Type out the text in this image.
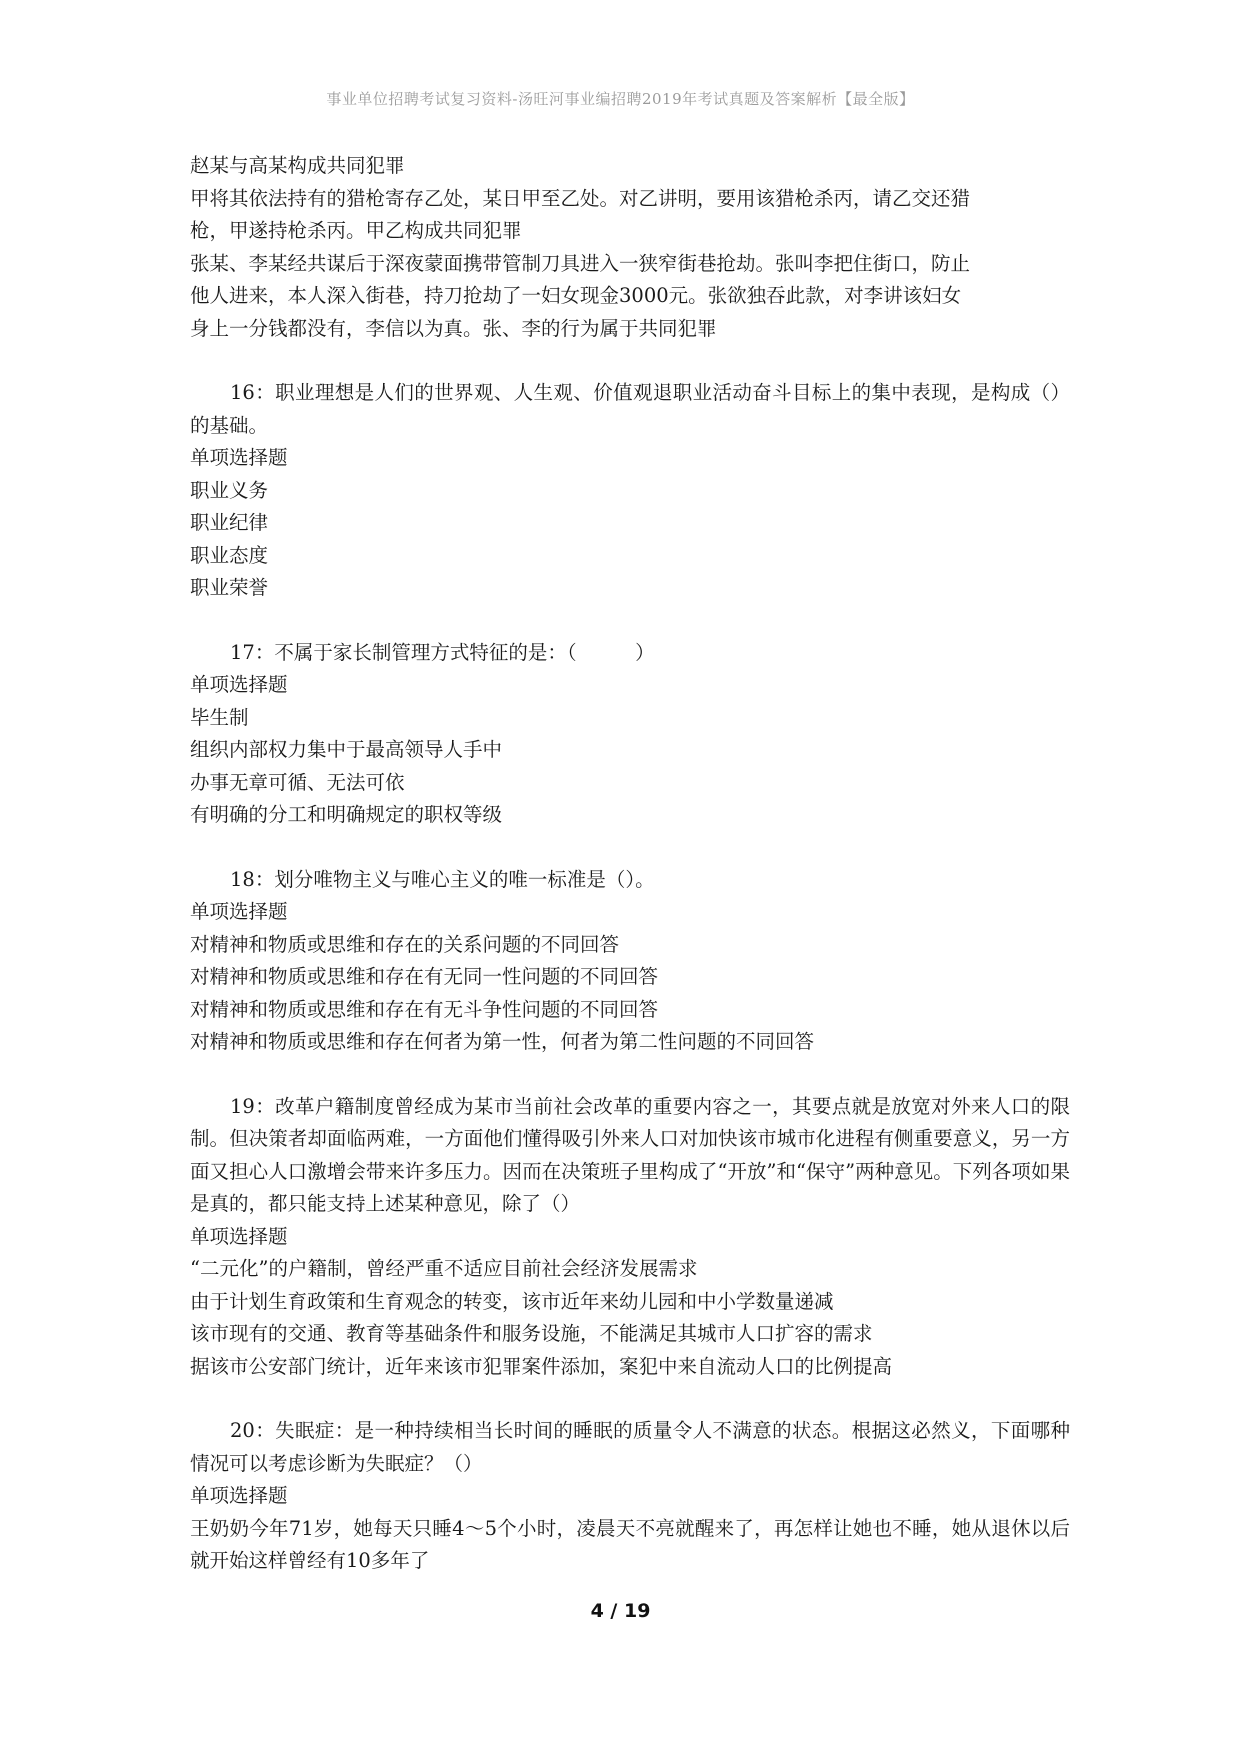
事业单位招聘考试复习资料-汤旺河事业编招聘2019年考试真题及答案解析【最全版】

赵某与高某构成共同犯罪

甲将其依法持有的猎枪寄存乙处，某日甲至乙处。对乙讲明，要用该猎枪杀丙，请乙交还猎

枪，甲遂持枪杀丙。甲乙构成共同犯罪

张某、李某经共谋后于深夜蒙面携带管制刀具进入一狭窄街巷抢劫。张叫李把住街口，防止

他人进来，本人深入街巷，持刀抢劫了一妇女现金3000元。张欲独吞此款，对李讲该妇女

身上一分钱都没有，李信以为真。张、李的行为属于共同犯罪

16：职业理想是人们的世界观、人生观、价值观退职业活动奋斗目标上的集中表现，是构成（）的基础。

单项选择题

职业义务

职业纪律

职业态度

职业荣誉

17：不属于家长制管理方式特征的是：（　　　）

单项选择题

毕生制

组织内部权力集中于最高领导人手中

办事无章可循、无法可依

有明确的分工和明确规定的职权等级

18：划分唯物主义与唯心主义的唯一标准是（）。

单项选择题

对精神和物质或思维和存在的关系问题的不同回答

对精神和物质或思维和存在有无同一性问题的不同回答

对精神和物质或思维和存在有无斗争性问题的不同回答

对精神和物质或思维和存在何者为第一性，何者为第二性问题的不同回答

19：改革户籍制度曾经成为某市当前社会改革的重要内容之一，其要点就是放宽对外来人口的限制。但决策者却面临两难，一方面他们懂得吸引外来人口对加快该市城市化进程有侧重要意义，另一方面又担心人口激增会带来许多压力。因而在决策班子里构成了“开放”和“保守”两种意见。下列各项如果是真的，都只能支持上述某种意见，除了（）

单项选择题

“二元化”的户籍制，曾经严重不适应目前社会经济发展需求

由于计划生育政策和生育观念的转变，该市近年来幼儿园和中小学数量递减

该市现有的交通、教育等基础条件和服务设施，不能满足其城市人口扩容的需求

据该市公安部门统计，近年来该市犯罪案件添加，案犯中来自流动人口的比例提高

20：失眠症：是一种持续相当长时间的睡眠的质量令人不满意的状态。根据这必然义，下面哪种情况可以考虑诊断为失眠症？（）

单项选择题

王奶奶今年71岁，她每天只睡4～5个小时，凌晨天不亮就醒来了，再怎样让她也不睡，她从退休以后就开始这样曾经有10多年了

4 / 19
